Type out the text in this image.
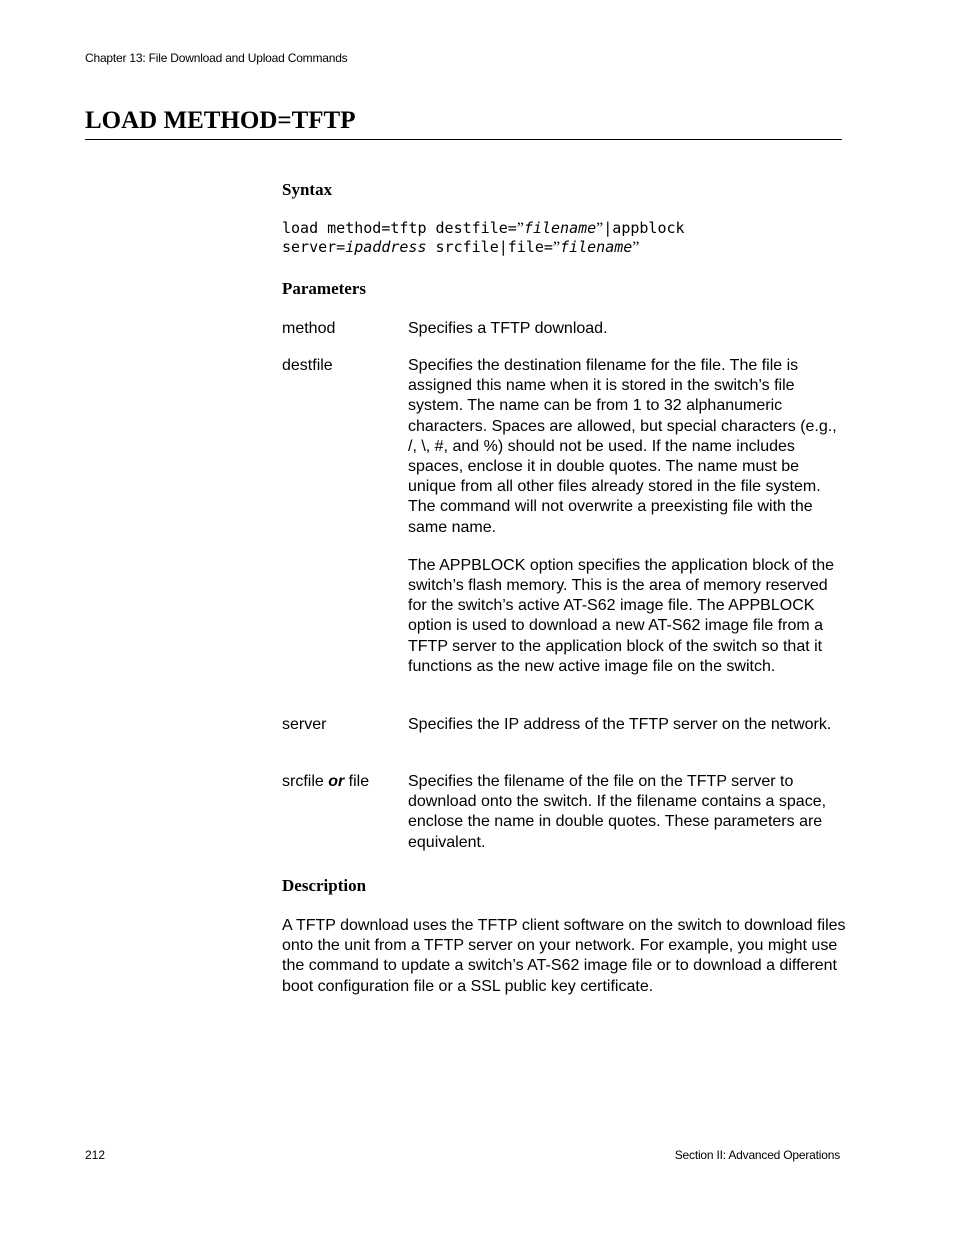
Chapter 13: File Download and Upload Commands
LOAD METHOD=TFTP
Syntax
load method=tftp destfile=”filename”|appblock
server=ipaddress srcfile|file=”filename”
Parameters
method	Specifies a TFTP download.

destfile	Specifies the destination filename for the file. The file is assigned this name when it is stored in the switch’s file system. The name can be from 1 to 32 alphanumeric characters. Spaces are allowed, but special characters (e.g., /, \, #, and %) should not be used. If the name includes spaces, enclose it in double quotes. The name must be unique from all other files already stored in the file system. The command will not overwrite a preexisting file with the same name.

The APPBLOCK option specifies the application block of the switch’s flash memory. This is the area of memory reserved for the switch’s active AT-S62 image file. The APPBLOCK option is used to download a new AT-S62 image file from a TFTP server to the application block of the switch so that it functions as the new active image file on the switch.

server	Specifies the IP address of the TFTP server on the network.

srcfile or file	Specifies the filename of the file on the TFTP server to download onto the switch. If the filename contains a space, enclose the name in double quotes. These parameters are equivalent.

Description

A TFTP download uses the TFTP client software on the switch to download files onto the unit from a TFTP server on your network. For example, you might use the command to update a switch’s AT-S62 image file or to download a different boot configuration file or a SSL public key certificate.

212	Section II: Advanced Operations
